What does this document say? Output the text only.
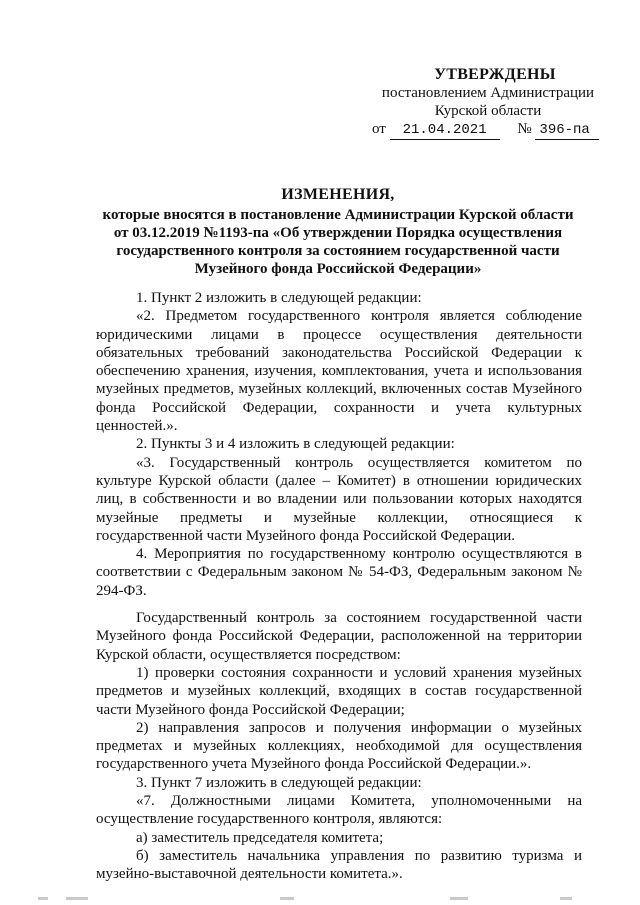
УТВЕРЖДЕНЫ
постановлением Администрации
Курской области
от 21.04.2021 № 396-па
ИЗМЕНЕНИЯ,
которые вносятся в постановление Администрации Курской области
от 03.12.2019 №1193-па «Об утверждении Порядка осуществления
государственного контроля за состоянием государственной части
Музейного фонда Российской Федерации»

1. Пункт 2 изложить в следующей редакции:

«2. Предметом государственного контроля является соблюдение юридическими лицами в процессе осуществления деятельности обязательных требований законодательства Российской Федерации к обеспечению хранения, изучения, комплектования, учета и использования музейных предметов, музейных коллекций, включенных состав Музейного фонда Российской Федерации, сохранности и учета культурных ценностей.».

2. Пункты 3 и 4 изложить в следующей редакции:

«3. Государственный контроль осуществляется комитетом по культуре Курской области (далее – Комитет) в отношении юридических лиц, в собственности и во владении или пользовании которых находятся музейные предметы и музейные коллекции, относящиеся к государственной части Музейного фонда Российской Федерации.

4. Мероприятия по государственному контролю осуществляются в соответствии с Федеральным законом № 54-ФЗ, Федеральным законом № 294-ФЗ.

Государственный контроль за состоянием государственной части Музейного фонда Российской Федерации, расположенной на территории Курской области, осуществляется посредством:

1) проверки состояния сохранности и условий хранения музейных предметов и музейных коллекций, входящих в состав государственной части Музейного фонда Российской Федерации;

2) направления запросов и получения информации о музейных предметах и музейных коллекциях, необходимой для осуществления государственного учета Музейного фонда Российской Федерации.».

3. Пункт 7 изложить в следующей редакции:

«7. Должностными лицами Комитета, уполномоченными на осуществление государственного контроля, являются:

а) заместитель председателя комитета;

б) заместитель начальника управления по развитию туризма и музейно-выставочной деятельности комитета.».
